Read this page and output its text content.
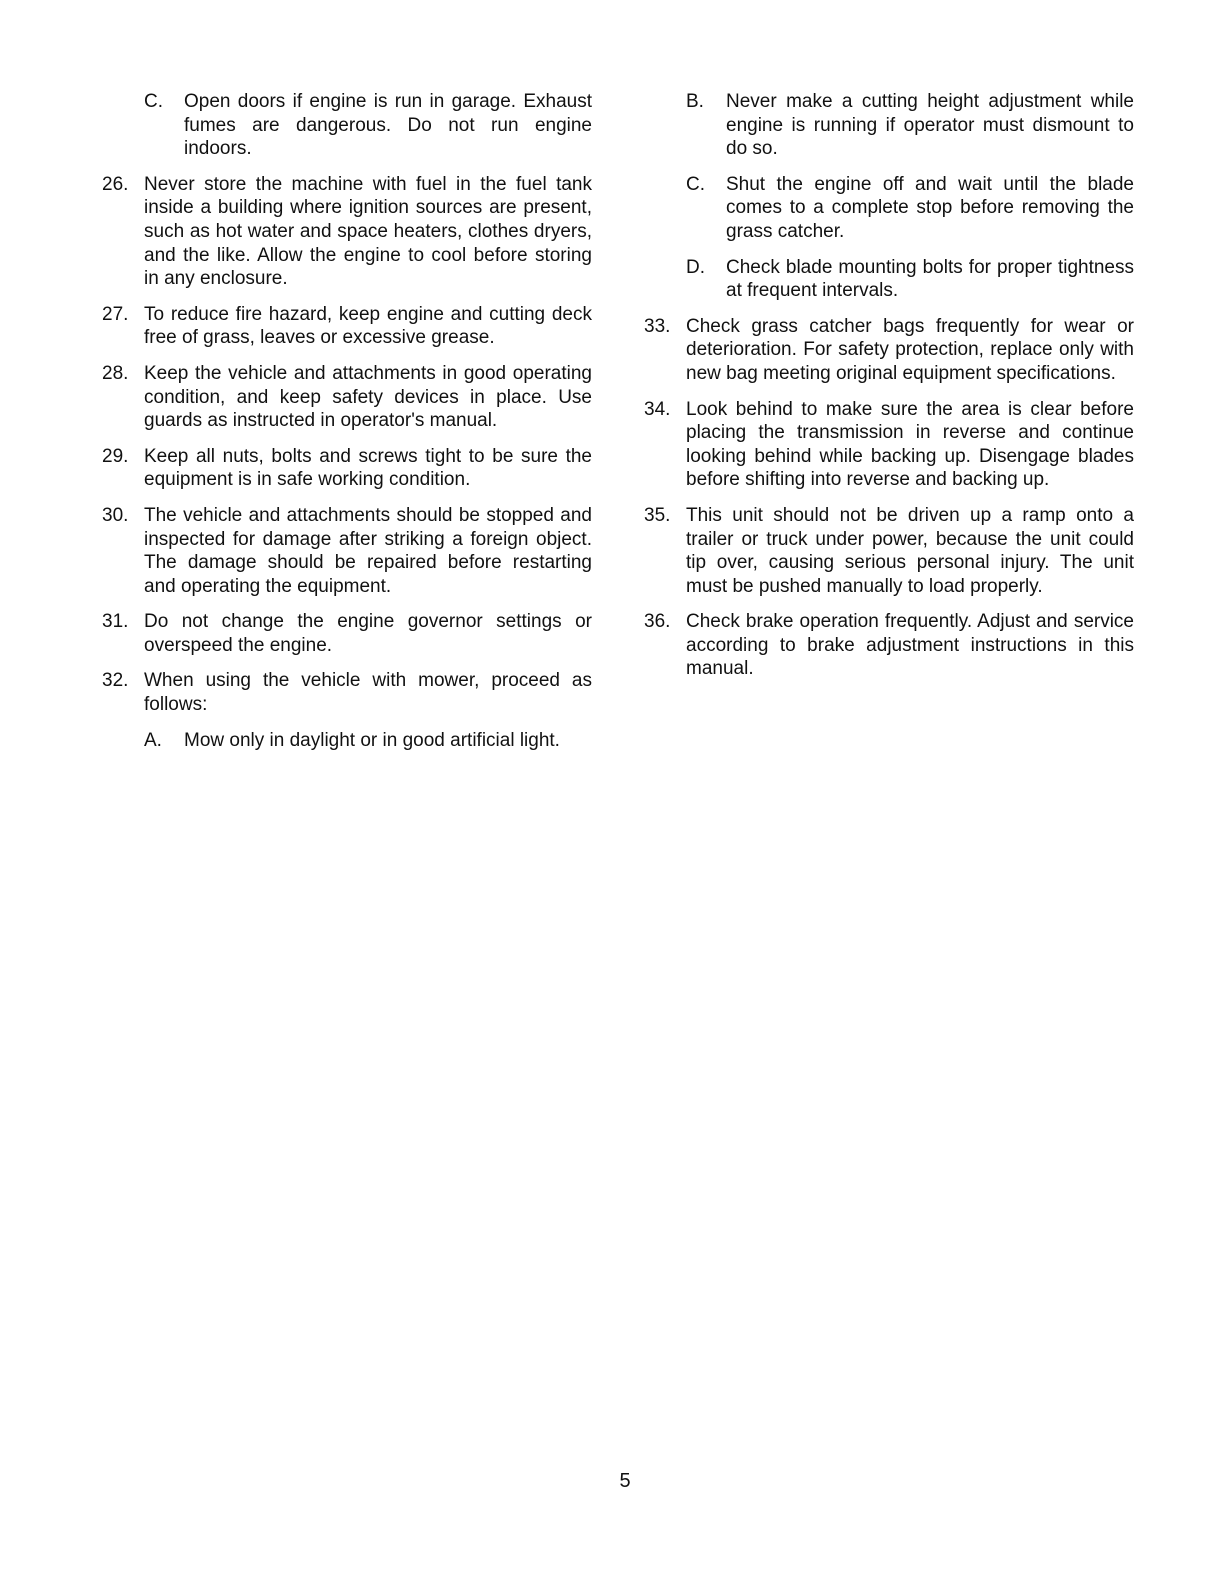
C.	Open doors if engine is run in garage. Exhaust fumes are dangerous. Do not run engine indoors.
26. Never store the machine with fuel in the fuel tank inside a building where ignition sources are present, such as hot water and space heaters, clothes dryers, and the like. Allow the engine to cool before storing in any enclosure.
27. To reduce fire hazard, keep engine and cutting deck free of grass, leaves or excessive grease.
28. Keep the vehicle and attachments in good operating condition, and keep safety devices in place. Use guards as instructed in operator's manual.
29. Keep all nuts, bolts and screws tight to be sure the equipment is in safe working condition.
30. The vehicle and attachments should be stopped and inspected for damage after striking a foreign object. The damage should be repaired before restarting and operating the equipment.
31. Do not change the engine governor settings or overspeed the engine.
32. When using the vehicle with mower, proceed as follows:
A.	Mow only in daylight or in good artificial light.
B.	Never make a cutting height adjustment while engine is running if operator must dismount to do so.
C.	Shut the engine off and wait until the blade comes to a complete stop before removing the grass catcher.
D.	Check blade mounting bolts for proper tightness at frequent intervals.
33. Check grass catcher bags frequently for wear or deterioration. For safety protection, replace only with new bag meeting original equipment specifications.
34. Look behind to make sure the area is clear before placing the transmission in reverse and continue looking behind while backing up. Disengage blades before shifting into reverse and backing up.
35. This unit should not be driven up a ramp onto a trailer or truck under power, because the unit could tip over, causing serious personal injury. The unit must be pushed manually to load properly.
36. Check brake operation frequently. Adjust and service according to brake adjustment instructions in this manual.
5
